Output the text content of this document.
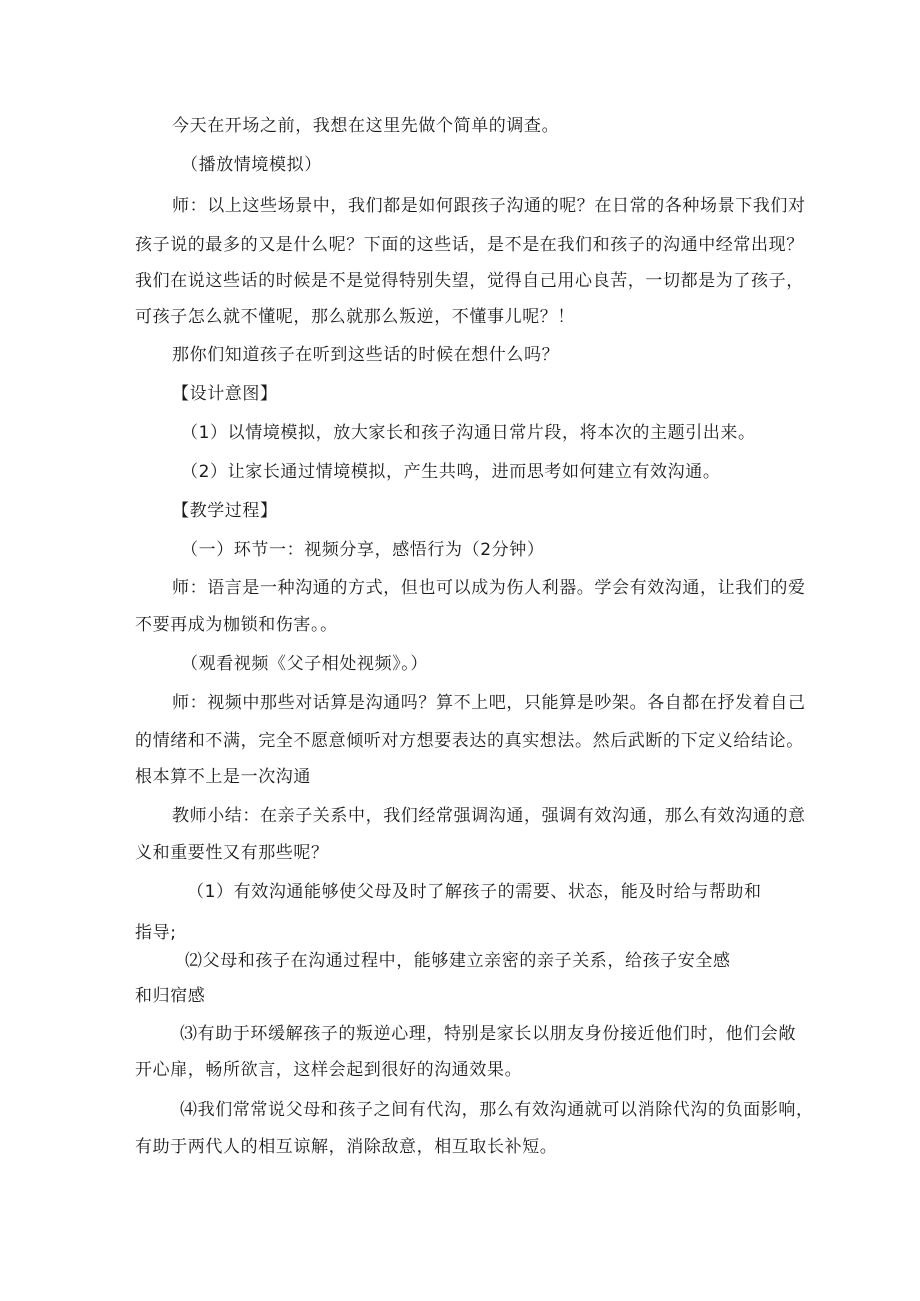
今天在开场之前，我想在这里先做个简单的调查。

（播放情境模拟）

师：以上这些场景中，我们都是如何跟孩子沟通的呢？在日常的各种场景下我们对

孩子说的最多的又是什么呢？下面的这些话，是不是在我们和孩子的沟通中经常出现？

我们在说这些话的时候是不是觉得特别失望，觉得自己用心良苦，一切都是为了孩子，

可孩子怎么就不懂呢，那么就那么叛逆，不懂事儿呢？！

那你们知道孩子在听到这些话的时候在想什么吗？

【设计意图】

（1）以情境模拟，放大家长和孩子沟通日常片段，将本次的主题引出来。

（2）让家长通过情境模拟，产生共鸣，进而思考如何建立有效沟通。

【教学过程】

（一）环节一：视频分享，感悟行为（2分钟）

师：语言是一种沟通的方式，但也可以成为伤人利器。学会有效沟通，让我们的爱

不要再成为枷锁和伤害。。

（观看视频《父子相处视频》。）

师：视频中那些对话算是沟通吗？算不上吧，只能算是吵架。各自都在抒发着自己

的情绪和不满，完全不愿意倾听对方想要表达的真实想法。然后武断的下定义给结论。

根本算不上是一次沟通

教师小结：在亲子关系中，我们经常强调沟通，强调有效沟通，那么有效沟通的意

义和重要性又有那些呢？

（1）有效沟通能够使父母及时了解孩子的需要、状态，能及时给与帮助和

指导;

⑵父母和孩子在沟通过程中，能够建立亲密的亲子关系，给孩子安全感

和归宿感

⑶有助于环缓解孩子的叛逆心理，特别是家长以朋友身份接近他们时，他们会敞

开心扉，畅所欲言，这样会起到很好的沟通效果。

⑷我们常常说父母和孩子之间有代沟，那么有效沟通就可以消除代沟的负面影响，

有助于两代人的相互谅解，消除敌意，相互取长补短。
